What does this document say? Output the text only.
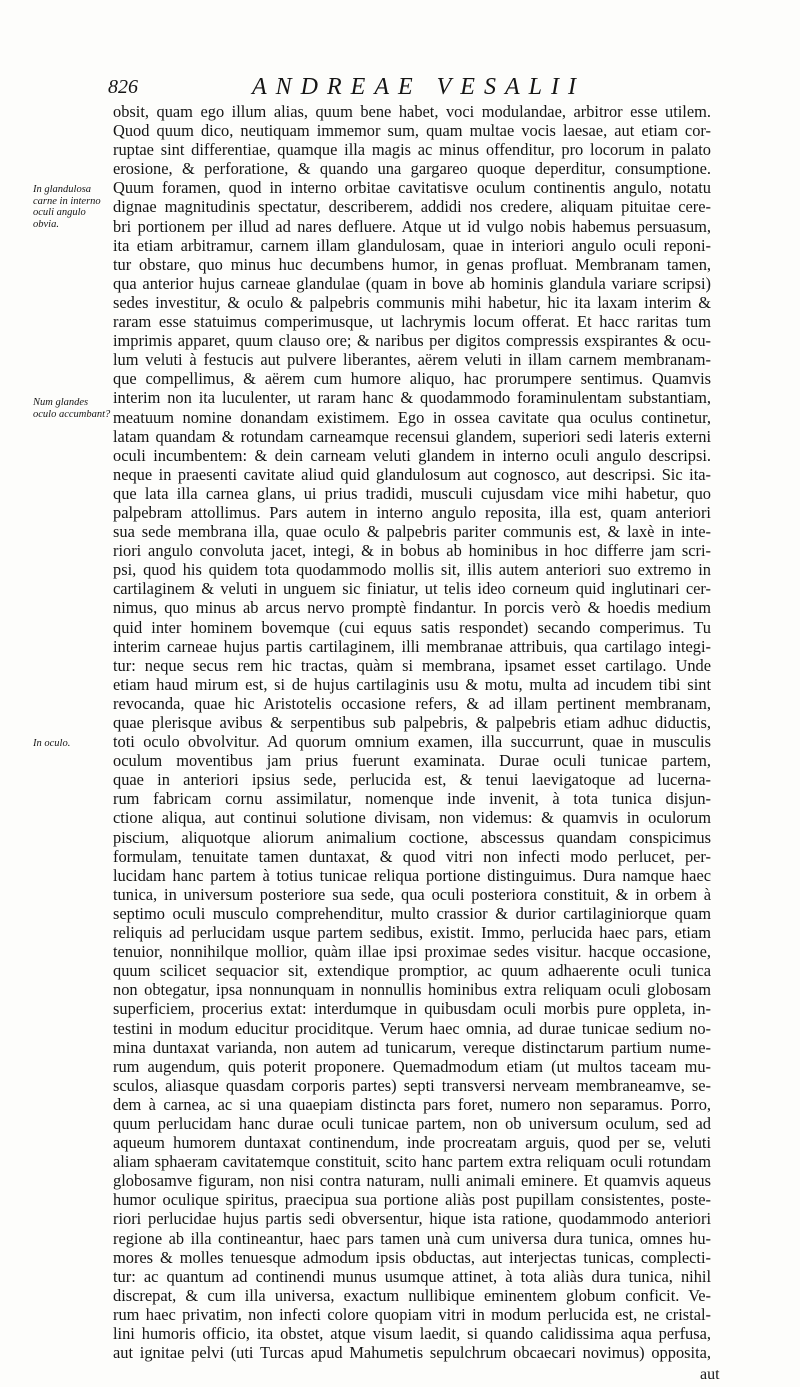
826	ANDREAE VESALII
In glandulosa carne in interno oculi angulo obvia.
Num glandes oculo accumbant?
In oculo.
obsit, quam ego illum alias, quum bene habet, voci modulandae, arbitror esse utilem.
Quod quum dico, neutiquam immemor sum, quam multae vocis laesae, aut etiam cor-
ruptae sint differentiae, quamque illa magis ac minus offenditur, pro locorum in palato
erosione, & perforatione, & quando una gargareo quoque deperditur, consumptione.
Quum foramen, quod in interno orbitae cavitatisve oculum continentis angulo, notatu
dignae magnitudinis spectatur, describerem, addidi nos credere, aliquam pituitae cere-
bri portionem per illud ad nares defluere. Atque ut id vulgo nobis habemus persuasum,
ita etiam arbitramur, carnem illam glandulosam, quae in interiori angulo oculi reponi-
tur obstare, quo minus huc decumbens humor, in genas profluat. Membranam tamen,
qua anterior hujus carneae glandulae (quam in bove ab hominis glandula variare scripsi)
sedes investitur, & oculo & palpebris communis mihi habetur, hic ita laxam interim &
raram esse statuimus comperimusque, ut lachrymis locum offerat. Et hacc raritas tum
imprimis apparet, quum clauso ore; & naribus per digitos compressis exspirantes & ocu-
lum veluti à festucis aut pulvere liberantes, aërem veluti in illam carnem membranam-
que compellimus, & aërem cum humore aliquo, hac prorumpere sentimus. Quamvis
interim non ita luculenter, ut raram hanc & quodammodo foraminulentam substantiam,
meatuum nomine donandam existimem. Ego in ossea cavitate qua oculus continetur,
latam quandam & rotundam carneamque recensui glandem, superiori sedi lateris externi
oculi incumbentem: & dein carneam veluti glandem in interno oculi angulo descripsi.
neque in praesenti cavitate aliud quid glandulosum aut cognosco, aut descripsi. Sic ita-
que lata illa carnea glans, ui prius tradidi, musculi cujusdam vice mihi habetur, quo
palpebram attollimus. Pars autem in interno angulo reposita, illa est, quam anteriori
sua sede membrana illa, quae oculo & palpebris pariter communis est, & laxè in inte-
riori angulo convoluta jacet, integi, & in bobus ab hominibus in hoc differre jam scri-
psi, quod his quidem tota quodammodo mollis sit, illis autem anteriori suo extremo in
cartilaginem & veluti in unguem sic finiatur, ut telis ideo corneum quid inglutinari cer-
nimus, quo minus ab arcus nervo promptè findantur. In porcis verò & hoedis medium
quid inter hominem bovemque (cui equus satis respondet) secando comperimus. Tu
interim carneae hujus partis cartilaginem, illi membranae attribuis, qua cartilago integi-
tur: neque secus rem hic tractas, quàm si membrana, ipsamet esset cartilago. Unde
etiam haud mirum est, si de hujus cartilaginis usu & motu, multa ad incudem tibi sint
revocanda, quae hic Aristotelis occasione refers, & ad illam pertinent membranam,
quae plerisque avibus & serpentibus sub palpebris, & palpebris etiam adhuc diductis,
toti oculo obvolvitur. Ad quorum omnium examen, illa succurrunt, quae in musculis
oculum moventibus jam prius fuerunt examinata. Durae oculi tunicae partem,
quae in anteriori ipsius sede, perlucida est, & tenui laevigatoque ad lucerna-
rum fabricam cornu assimilatur, nomenque inde invenit, à tota tunica disjun-
ctione aliqua, aut continui solutione divisam, non videmus: & quamvis in oculorum
piscium, aliquotque aliorum animalium coctione, abscessus quandam conspicimus
formulam, tenuitate tamen duntaxat, & quod vitri non infecti modo perlucet, per-
lucidam hanc partem à totius tunicae reliqua portione distinguimus. Dura namque haec
tunica, in universum posteriore sua sede, qua oculi posteriora constituit, & in orbem à
septimo oculi musculo comprehenditur, multo crassior & durior cartilaginiorque quam
reliquis ad perlucidam usque partem sedibus, existit. Immo, perlucida haec pars, etiam
tenuior, nonnihilque mollior, quàm illae ipsi proximae sedes visitur. hacque occasione,
quum scilicet sequacior sit, extendique promptior, ac quum adhaerente oculi tunica
non obtegatur, ipsa nonnunquam in nonnullis hominibus extra reliquam oculi globosam
superficiem, procerius extat: interdumque in quibusdam oculi morbis pure oppleta, in-
testini in modum educitur prociditque. Verum haec omnia, ad durae tunicae sedium no-
mina duntaxat varianda, non autem ad tunicarum, vereque distinctarum partium nume-
rum augendum, quis poterit proponere. Quemadmodum etiam (ut multos taceam mu-
sculos, aliasque quasdam corporis partes) septi transversi nerveam membraneamve, se-
dem à carnea, ac si una quaepiam distincta pars foret, numero non separamus. Porro,
quum perlucidam hanc durae oculi tunicae partem, non ob universum oculum, sed ad
aqueum humorem duntaxat continendum, inde procreatam arguis, quod per se, veluti
aliam sphaeram cavitatemque constituit, scito hanc partem extra reliquam oculi rotundam
globosamve figuram, non nisi contra naturam, nulli animali eminere. Et quamvis aqueus
humor oculique spiritus, praecipua sua portione aliàs post pupillam consistentes, poste-
riori perlucidae hujus partis sedi obversentur, hique ista ratione, quodammodo anteriori
regione ab illa contineantur, haec pars tamen unà cum universa dura tunica, omnes hu-
mores & molles tenuesque admodum ipsis obductas, aut interjectas tunicas, complecti-
tur: ac quantum ad continendi munus usumque attinet, à tota aliàs dura tunica, nihil
discrepat, & cum illa universa, exactum nullibique eminentem globum conficit. Ve-
rum haec privatim, non infecti colore quopiam vitri in modum perlucida est, ne cristal-
lini humoris officio, ita obstet, atque visum laedit, si quando calidissima aqua perfusa,
aut ignitae pelvi (uti Turcas apud Mahumetis sepulchrum obcaecari novimus) opposita,
aut
